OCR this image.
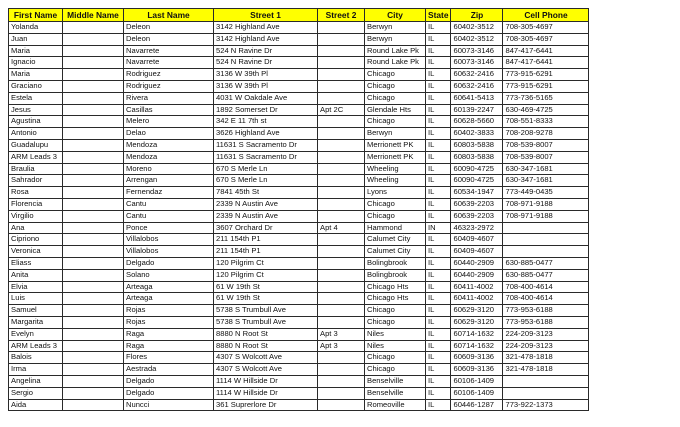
First Name	Middle Name	Last Name	Street 1	Street 2	City	State	Zip	Cell Phone
Yolanda		Deleon	3142 Highland Ave		Berwyn	IL	60402-3512	708-305-4697
Juan		Deleon	3142 Highland Ave		Berwyn	IL	60402-3512	708-305-4697
Maria		Navarrete	524 N Ravine Dr		Round Lake Pk	IL	60073-3146	847-417-6441
Ignacio		Navarrete	524 N Ravine Dr		Round Lake Pk	IL	60073-3146	847-417-6441
Maria		Rodriguez	3136 W 39th Pl		Chicago	IL	60632-2416	773-915-6291
Graciano		Rodriguez	3136 W 39th Pl		Chicago	IL	60632-2416	773-915-6291
Estela		Rivera	4031 W Oakdale Ave		Chicago	IL	60641-5413	773-736-5165
Jesus		Casillas	1892 Somerset Dr	Apt 2C	Glendale Hts	IL	60139-2247	630-469-4725
Agustina		Melero	342 E 11 7th st		Chicago	IL	60628-5660	708-551-8333
Antonio		Delao	3626 Highland Ave		Berwyn	IL	60402-3833	708-208-9278
Guadalupu		Mendoza	11631 S Sacramento Dr		Merrionett PK	IL	60803-5838	708-539-8007
ARM Leads 3		Mendoza	11631 S Sacramento Dr		Merrionett PK	IL	60803-5838	708-539-8007
Braulia		Moreno	670 S Merle Ln		Wheeling	IL	60090-4725	630-347-1681
Sahrador		Arrengan	670 S Merle Ln		Wheeling	IL	60090-4725	630-347-1681
Rosa		Fernendaz	7841 45th St		Lyons	IL	60534-1947	773-449-0435
Florencia		Cantu	2339 N Austin Ave		Chicago	IL	60639-2203	708-971-9188
Virgilio		Cantu	2339 N Austin Ave		Chicago	IL	60639-2203	708-971-9188
Ana		Ponce	3607 Orchard Dr	Apt 4	Hammond	IN	46323-2972	
Cipriono		Villalobos	211 154th P1		Calumet City	IL	60409-4607	
Veronica		Villalobos	211 154th P1		Calumet City	IL	60409-4607	
Eliass		Delgado	120 Pilgrim Ct		Bolingbrook	IL	60440-2909	630-885-0477
Anita		Solano	120 Pilgrim Ct		Bolingbrook	IL	60440-2909	630-885-0477
Elvia		Arteaga	61 W 19th St		Chicago Hts	IL	60411-4002	708-400-4614
Luis		Arteaga	61 W 19th St		Chicago Hts	IL	60411-4002	708-400-4614
Samuel		Rojas	5738 S Trumbull Ave		Chicago	IL	60629-3120	773-953-6188
Margarita		Rojas	5738 S Trumbull Ave		Chicago	IL	60629-3120	773-953-6188
Evelyn		Raga	8880 N Root St	Apt 3	Niles	IL	60714-1632	224-209-3123
ARM Leads 3		Raga	8880 N Root St	Apt 3	Niles	IL	60714-1632	224-209-3123
Balois		Flores	4307 S Wolcott Ave		Chicago	IL	60609-3136	321-478-1818
Irma		Aestrada	4307 S Wolcott Ave		Chicago	IL	60609-3136	321-478-1818
Angelina		Delgado	1114 W Hillside Dr		Benselville	IL	60106-1409	
Sergio		Delgado	1114 W Hillside Dr		Benselville	IL	60106-1409	
Aida		Nuncci	361 Suprerlore Dr		Romeoville	IL	60446-1287	773-922-1373
